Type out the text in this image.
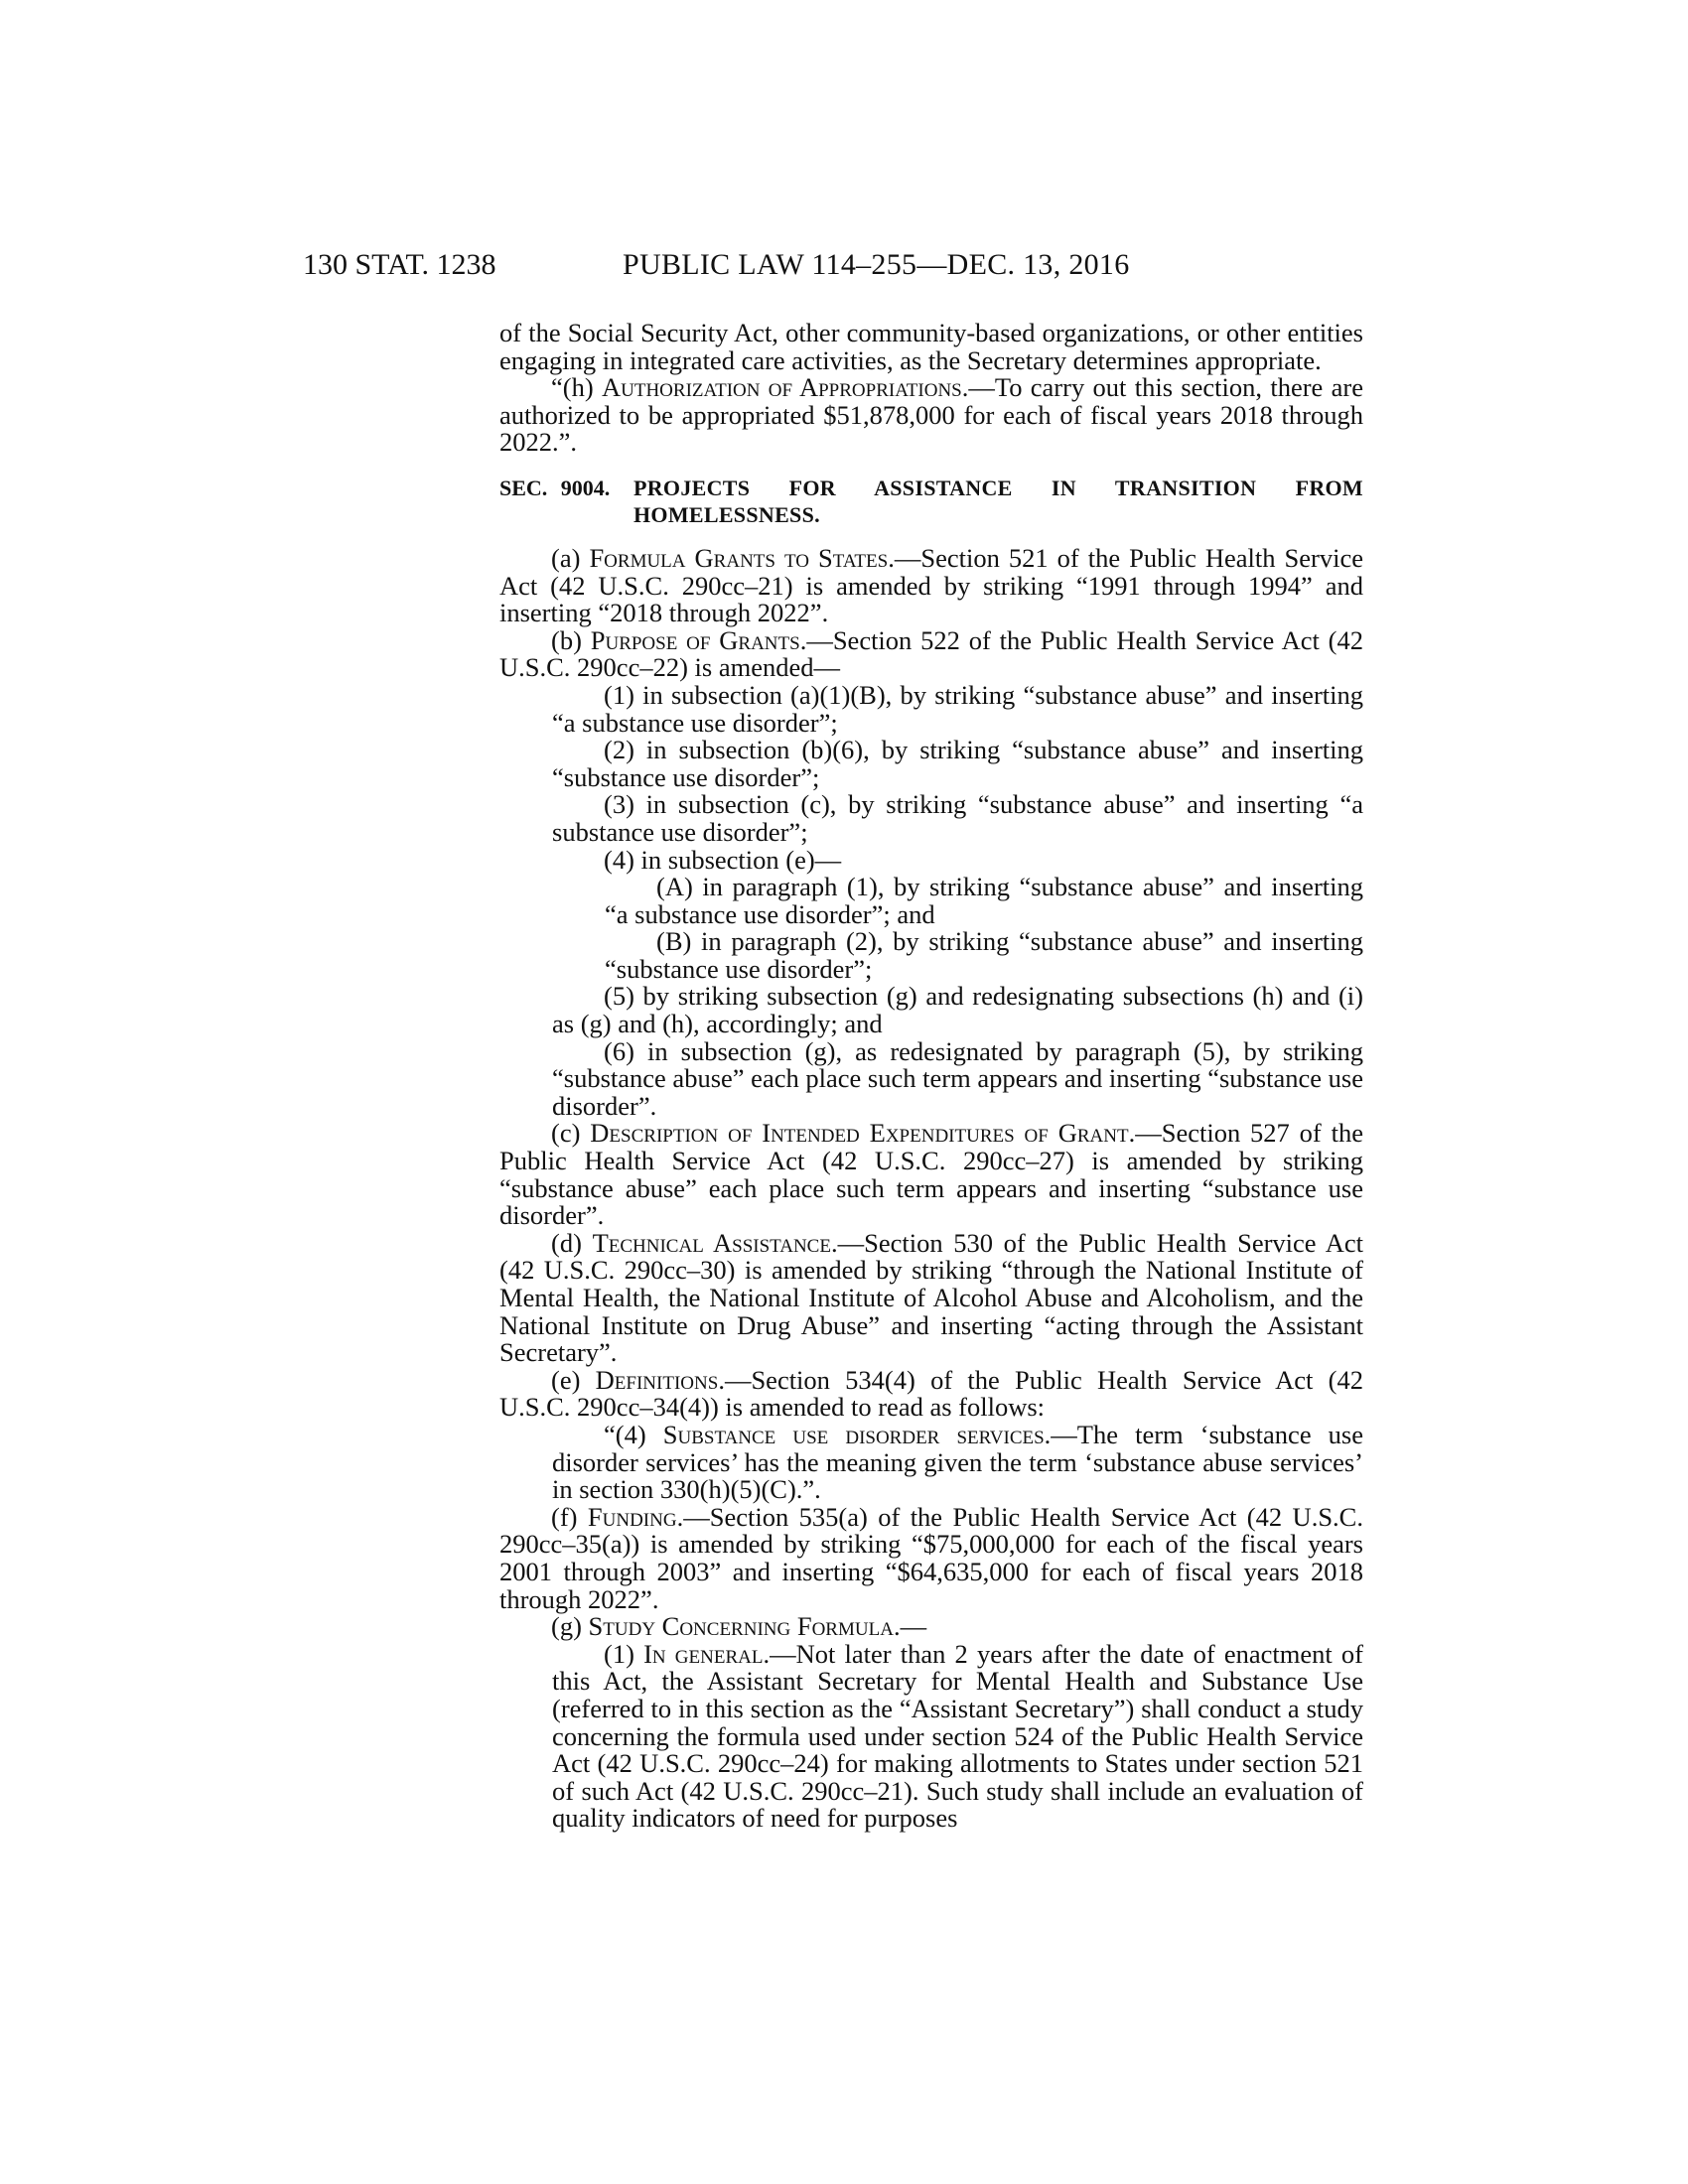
130 STAT. 1238	PUBLIC LAW 114–255—DEC. 13, 2016

of the Social Security Act, other community-based organizations, or other entities engaging in integrated care activities, as the Secretary determines appropriate.

“(h) Authorization of Appropriations.—To carry out this section, there are authorized to be appropriated $51,878,000 for each of fiscal years 2018 through 2022.”.

SEC. 9004.	PROJECTS FOR ASSISTANCE IN TRANSITION FROM HOMELESSNESS.

(a) Formula Grants to States.—Section 521 of the Public Health Service Act (42 U.S.C. 290cc–21) is amended by striking “1991 through 1994” and inserting “2018 through 2022”.

(b) Purpose of Grants.—Section 522 of the Public Health Service Act (42 U.S.C. 290cc–22) is amended—

(1) in subsection (a)(1)(B), by striking “substance abuse” and inserting “a substance use disorder”;

(2) in subsection (b)(6), by striking “substance abuse” and inserting “substance use disorder”;

(3) in subsection (c), by striking “substance abuse” and inserting “a substance use disorder”;

(4) in subsection (e)—

(A) in paragraph (1), by striking “substance abuse” and inserting “a substance use disorder”; and

(B) in paragraph (2), by striking “substance abuse” and inserting “substance use disorder”;

(5) by striking subsection (g) and redesignating subsections (h) and (i) as (g) and (h), accordingly; and

(6) in subsection (g), as redesignated by paragraph (5), by striking “substance abuse” each place such term appears and inserting “substance use disorder”.

(c) Description of Intended Expenditures of Grant.—Section 527 of the Public Health Service Act (42 U.S.C. 290cc–27) is amended by striking “substance abuse” each place such term appears and inserting “substance use disorder”.

(d) Technical Assistance.—Section 530 of the Public Health Service Act (42 U.S.C. 290cc–30) is amended by striking “through the National Institute of Mental Health, the National Institute of Alcohol Abuse and Alcoholism, and the National Institute on Drug Abuse” and inserting “acting through the Assistant Secretary”.

(e) Definitions.—Section 534(4) of the Public Health Service Act (42 U.S.C. 290cc–34(4)) is amended to read as follows:

“(4) Substance use disorder services.—The term ‘substance use disorder services’ has the meaning given the term ‘substance abuse services’ in section 330(h)(5)(C).”.

(f) Funding.—Section 535(a) of the Public Health Service Act (42 U.S.C. 290cc–35(a)) is amended by striking “$75,000,000 for each of the fiscal years 2001 through 2003” and inserting “$64,635,000 for each of fiscal years 2018 through 2022”.

(g) Study Concerning Formula.—

(1) In general.—Not later than 2 years after the date of enactment of this Act, the Assistant Secretary for Mental Health and Substance Use (referred to in this section as the “Assistant Secretary”) shall conduct a study concerning the formula used under section 524 of the Public Health Service Act (42 U.S.C. 290cc–24) for making allotments to States under section 521 of such Act (42 U.S.C. 290cc–21). Such study shall include an evaluation of quality indicators of need for purposes
